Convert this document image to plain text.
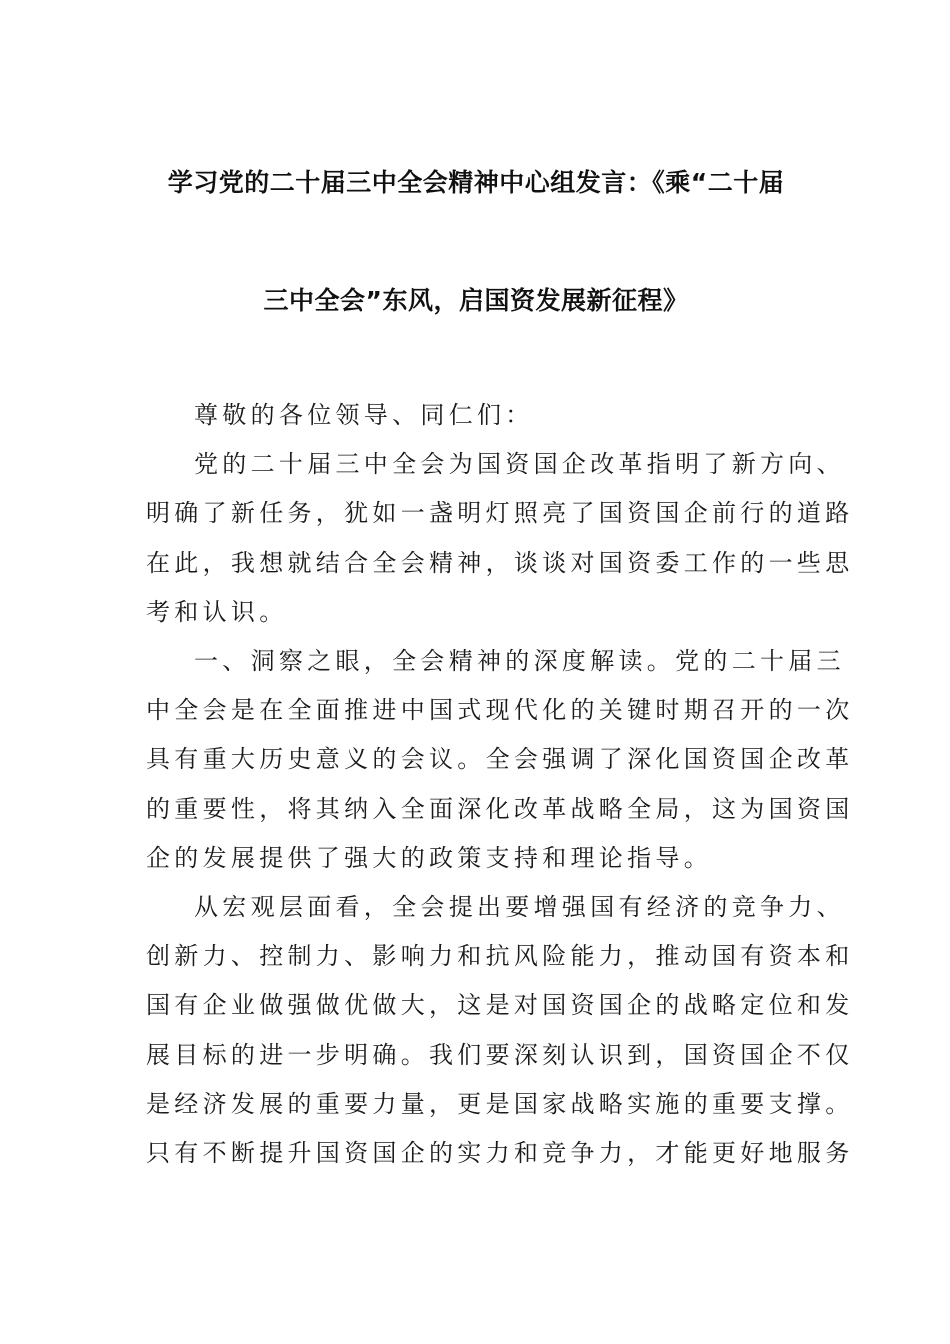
学习党的二十届三中全会精神中心组发言：《乘“二十届
三中全会”东风，启国资发展新征程》
尊敬的各位领导、同仁们：
党的二十届三中全会为国资国企改革指明了新方向、
明确了新任务，犹如一盏明灯照亮了国资国企前行的道路
在此，我想就结合全会精神，谈谈对国资委工作的一些思
考和认识。
一、洞察之眼，全会精神的深度解读。党的二十届三
中全会是在全面推进中国式现代化的关键时期召开的一次
具有重大历史意义的会议。全会强调了深化国资国企改革
的重要性，将其纳入全面深化改革战略全局，这为国资国
企的发展提供了强大的政策支持和理论指导。
从宏观层面看，全会提出要增强国有经济的竞争力、
创新力、控制力、影响力和抗风险能力，推动国有资本和
国有企业做强做优做大，这是对国资国企的战略定位和发
展目标的进一步明确。我们要深刻认识到，国资国企不仅
是经济发展的重要力量，更是国家战略实施的重要支撑。
只有不断提升国资国企的实力和竞争力，才能更好地服务
